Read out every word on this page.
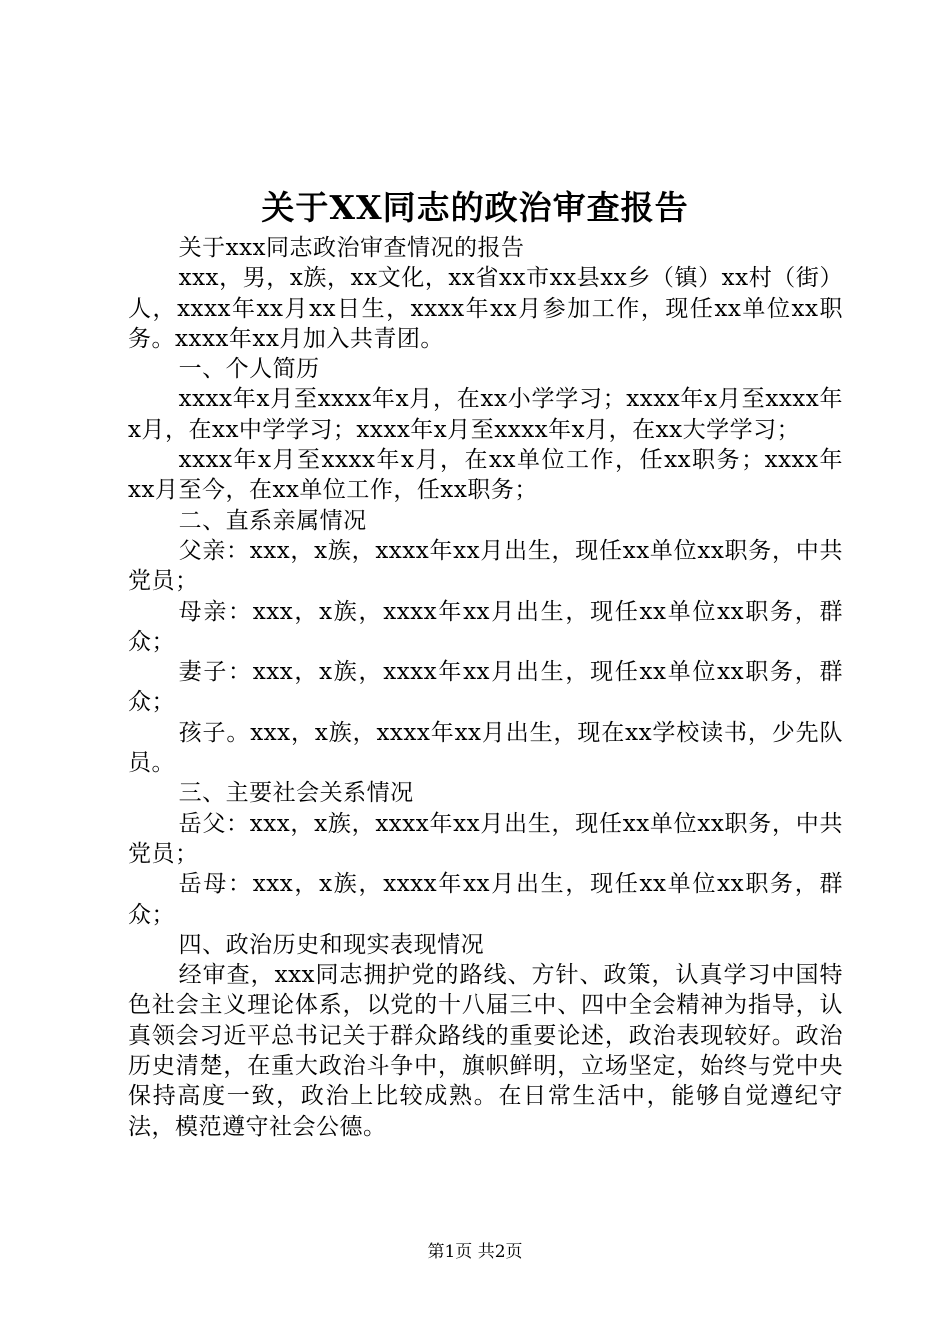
关于XX同志的政治审查报告

关于xxx同志政治审查情况的报告

xxx，男，x族，xx文化，xx省xx市xx县xx乡（镇）xx村（街）人，xxxx年xx月xx日生，xxxx年xx月参加工作，现任xx单位xx职务。xxxx年xx月加入共青团。

一、个人简历

xxxx年x月至xxxx年x月，在xx小学学习；xxxx年x月至xxxx年x月，在xx中学学习；xxxx年x月至xxxx年x月，在xx大学学习；

xxxx年x月至xxxx年x月，在xx单位工作，任xx职务；xxxx年xx月至今，在xx单位工作，任xx职务；

二、直系亲属情况

父亲：xxx，x族，xxxx年xx月出生，现任xx单位xx职务，中共党员；

母亲：xxx，x族，xxxx年xx月出生，现任xx单位xx职务，群众；

妻子：xxx，x族，xxxx年xx月出生，现任xx单位xx职务，群众；

孩子。xxx，x族，xxxx年xx月出生，现在xx学校读书，少先队员。

三、主要社会关系情况

岳父：xxx，x族，xxxx年xx月出生，现任xx单位xx职务，中共党员；

岳母：xxx，x族，xxxx年xx月出生，现任xx单位xx职务，群众；

四、政治历史和现实表现情况

经审查，xxx同志拥护党的路线、方针、政策，认真学习中国特色社会主义理论体系，以党的十八届三中、四中全会精神为指导，认真领会习近平总书记关于群众路线的重要论述，政治表现较好。政治历史清楚，在重大政治斗争中，旗帜鲜明，立场坚定，始终与党中央保持高度一致，政治上比较成熟。在日常生活中，能够自觉遵纪守法，模范遵守社会公德。

第1页 共2页
